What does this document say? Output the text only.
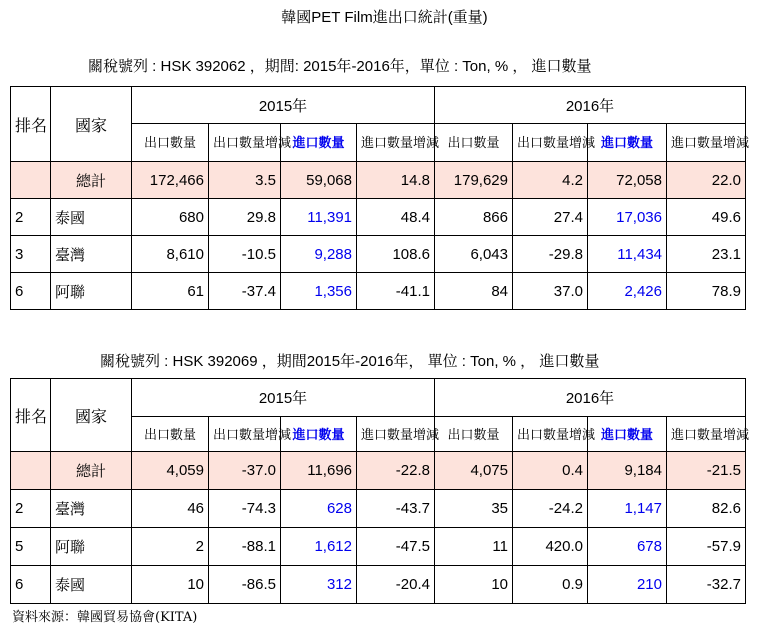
韓國PET Film進出口統計(重量)
關稅號列 : HSK 392062 ，期間: 2015年-2016年，單位 : Ton, % ， 進口數量
排名	國家	2015年				2016年			
		出口數量	出口數量增減	進口數量	進口數量增減	出口數量	出口數量增減	進口數量	進口數量增減
	總計	172,466	3.5	59,068	14.8	179,629	4.2	72,058	22.0
2	泰國	680	29.8	11,391	48.4	866	27.4	17,036	49.6
3	臺灣	8,610	-10.5	9,288	108.6	6,043	-29.8	11,434	23.1
6	阿聯	61	-37.4	1,356	-41.1	84	37.0	2,426	78.9
關稅號列 : HSK 392069 ，期間2015年-2016年， 單位 : Ton, % ， 進口數量
排名	國家	2015年				2016年			
		出口數量	出口數量增減	進口數量	進口數量增減	出口數量	出口數量增減	進口數量	進口數量增減
	總計	4,059	-37.0	11,696	-22.8	4,075	0.4	9,184	-21.5
2	臺灣	46	-74.3	628	-43.7	35	-24.2	1,147	82.6
5	阿聯	2	-88.1	1,612	-47.5	11	420.0	678	-57.9
6	泰國	10	-86.5	312	-20.4	10	0.9	210	-32.7
資料來源：韓國貿易協會(KITA)
